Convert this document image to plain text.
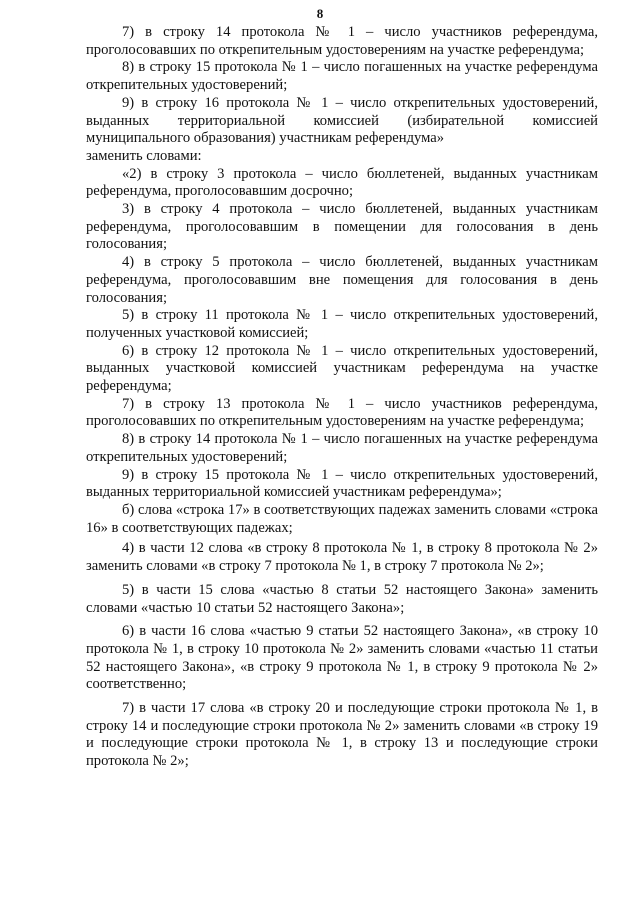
8

7) в строку 14 протокола № 1 – число участников референдума, проголосовавших по открепительным удостоверениям на участке референдума;

8) в строку 15 протокола № 1 – число погашенных на участке референдума открепительных удостоверений;

9) в строку 16 протокола № 1 – число открепительных удостоверений, выданных территориальной комиссией (избирательной комиссией муниципального образования) участникам референдума»

заменить словами:

«2) в строку 3 протокола – число бюллетеней, выданных участникам референдума, проголосовавшим досрочно;

3) в строку 4 протокола – число бюллетеней, выданных участникам референдума, проголосовавшим в помещении для голосования в день голосования;

4) в строку 5 протокола – число бюллетеней, выданных участникам референдума, проголосовавшим вне помещения для голосования в день голосования;

5) в строку 11 протокола № 1 – число открепительных удостоверений, полученных участковой комиссией;

6) в строку 12 протокола № 1 – число открепительных удостоверений, выданных участковой комиссией участникам референдума на участке референдума;

7) в строку 13 протокола № 1 – число участников референдума, проголосовавших по открепительным удостоверениям на участке референдума;

8) в строку 14 протокола № 1 – число погашенных на участке референдума открепительных удостоверений;

9) в строку 15 протокола № 1 – число открепительных удостоверений, выданных территориальной комиссией участникам референдума»;

б) слова «строка 17» в соответствующих падежах заменить словами «строка 16» в соответствующих падежах;

4) в части 12 слова «в строку 8 протокола № 1, в строку 8 протокола № 2» заменить словами «в строку 7 протокола № 1, в строку 7 протокола № 2»;

5) в части 15 слова «частью 8 статьи 52 настоящего Закона» заменить словами «частью 10 статьи 52 настоящего Закона»;

6) в части 16 слова «частью 9 статьи 52 настоящего Закона», «в строку 10 протокола № 1, в строку 10 протокола № 2» заменить словами «частью 11 статьи 52 настоящего Закона», «в строку 9 протокола № 1, в строку 9 протокола № 2» соответственно;

7) в части 17 слова «в строку 20 и последующие строки протокола № 1, в строку 14 и последующие строки протокола № 2» заменить словами «в строку 19 и последующие строки протокола № 1, в строку 13 и последующие строки протокола № 2»;
